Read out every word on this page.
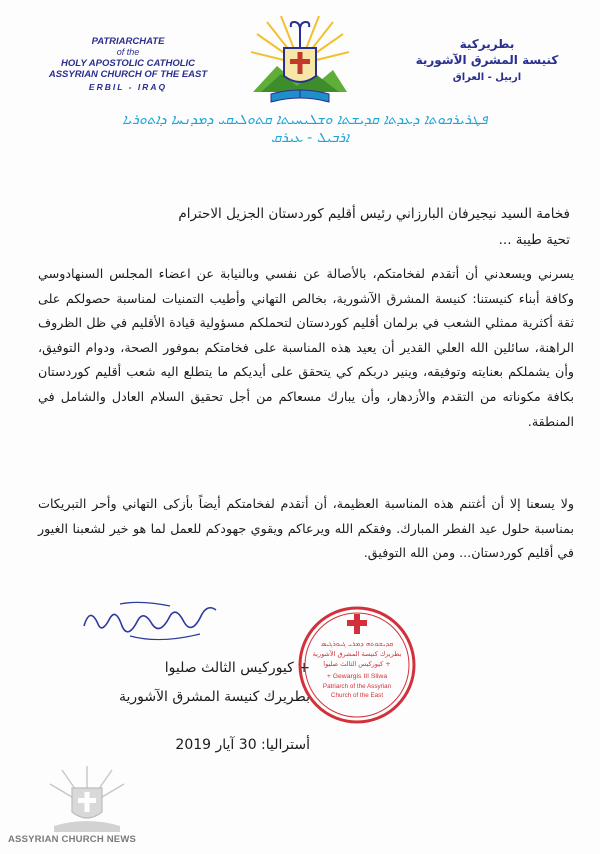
PATRIARCHATE
of the
HOLY APOSTOLIC CATHOLIC
ASSYRIAN CHURCH OF THE EAST
ERBIL - IRAQ
بطريركية
كنيسة المشرق الآشورية
اربيل - العراق
ܦܛܪܝܪܟܘܬܐ ܕܥܕܬܐ ܩܕܝܫܬܐ ܘܫܠܝܚܝܬܐ ܩܬܘܠܝܩܝ ܕܡܕܢܚܐ ܕܐܬܘܪܝܐ
ܐܪܒܝܠ - ܥܝܪܩ
فخامة السيد نيجيرفان البارزاني رئيس أقليم كوردستان الجزيل الاحترام
تحية طيبة ...
يسرني ويسعدني أن أتقدم لفخامتكم، بالأصالة عن نفسي وبالنيابة عن اعضاء المجلس السنهادوسي وكافة أبناء كنيستنا: كنيسة المشرق الآشورية، بخالص التهاني وأطيب التمنيات لمناسبة حصولكم على ثقة أكثرية ممثلي الشعب في برلمان أقليم كوردستان لتحملكم مسؤولية قيادة الأقليم في ظل الظروف الراهنة، سائلين الله العلي القدير أن يعيد هذه المناسبة على فخامتكم بموفور الصحة، ودوام التوفيق، وأن يشملكم بعنايته وتوفيقه، وينير دربكم كي يتحقق على أيديكم ما يتطلع اليه شعب أقليم كوردستان بكافة مكوناته من التقدم والأزدهار، وأن يبارك مسعاكم من أجل تحقيق السلام العادل والشامل في المنطقة.
ولا يسعنا إلا أن أغتنم هذه المناسبة العظيمة، أن أتقدم لفخامتكم أيضاً بأزكى التهاني وأحر التبريكات بمناسبة حلول عيد الفطر المبارك. وفقكم الله ويرعاكم ويقوي جهودكم للعمل لما هو خير لشعبنا الغيور في أقليم كوردستان... ومن الله التوفيق.
+ كيوركيس الثالث صليوا
بطريرك كنيسة المشرق الآشورية
أستراليا: 30 آيار 2019
ܩܕܝܫܘܬܗ ܕܡܪܝ ܓܝܘܪܓܝܣ
بطريرك كنيسة المشرق الآشورية
+ كيوركيس الثالث صليوا
+ Gewargis III Sliwa
Patriarch of the Assyrian
Church of the East
ASSYRIAN CHURCH NEWS
